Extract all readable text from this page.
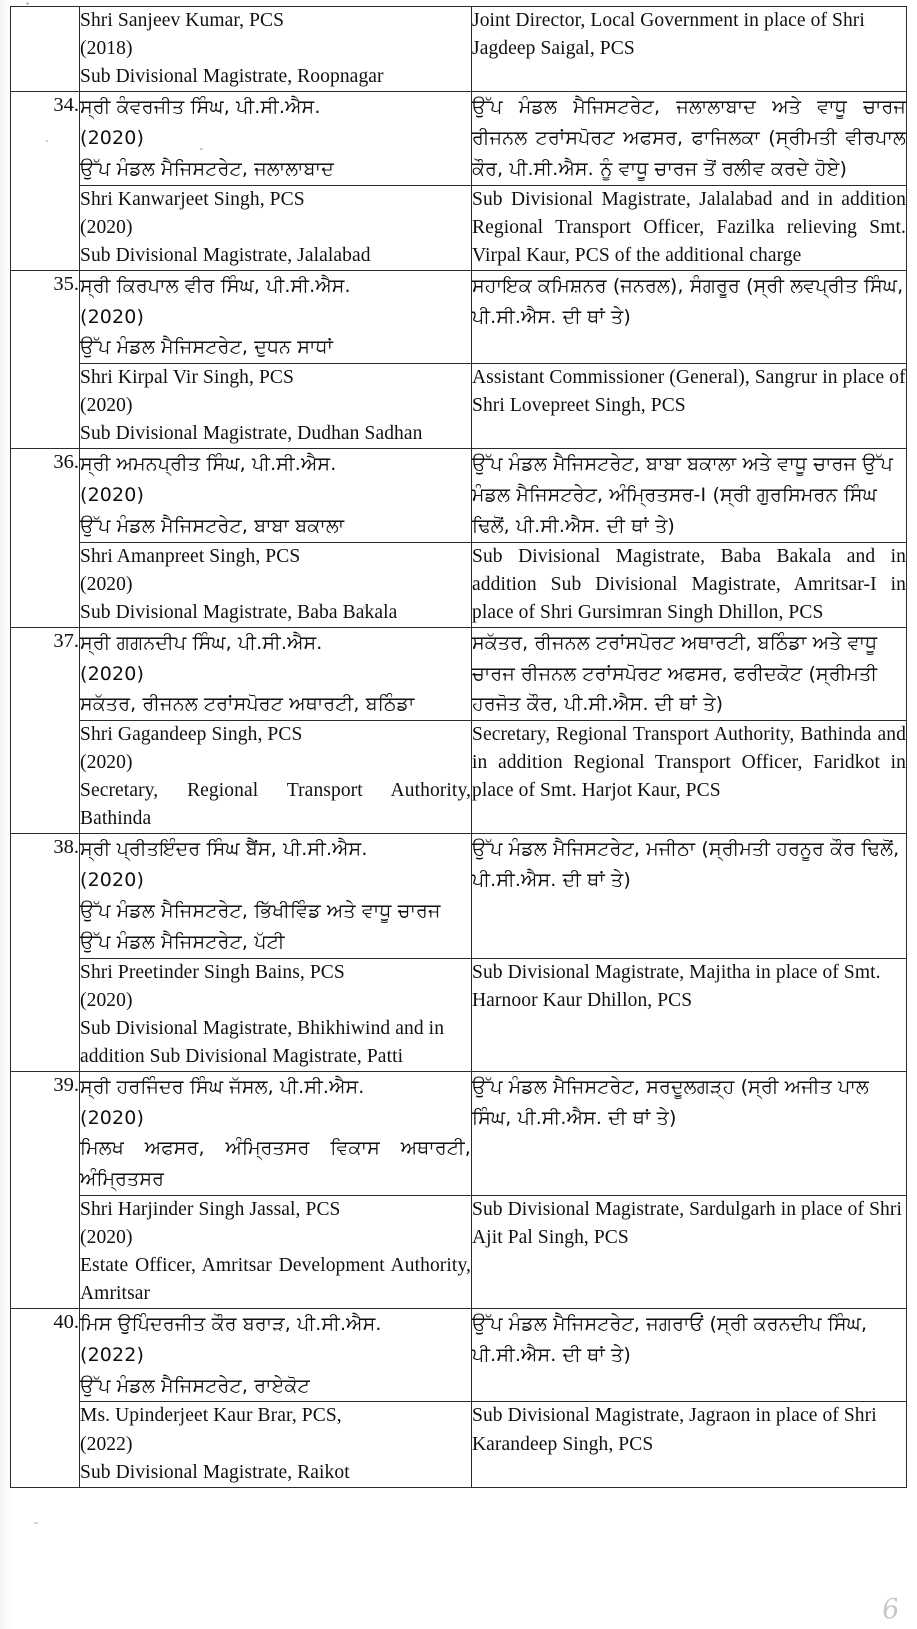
	Shri Sanjeev Kumar, PCS
(2018)
Sub Divisional Magistrate, Roopnagar	Joint Director, Local Government in place of Shri Jagdeep Saigal, PCS

34.	ਸ੍ਰੀ ਕੰਵਰਜੀਤ ਸਿੰਘ, ਪੀ.ਸੀ.ਐਸ.
(2020)
ਉੱਪ ਮੰਡਲ ਮੈਜਿਸਟਰੇਟ, ਜਲਾਲਾਬਾਦ	ਉੱਪ ਮੰਡਲ ਮੈਜਿਸਟਰੇਟ, ਜਲਾਲਾਬਾਦ ਅਤੇ ਵਾਧੂ ਚਾਰਜ ਰੀਜਨਲ ਟਰਾਂਸਪੋਰਟ ਅਫਸਰ, ਫਾਜਿਲਕਾ (ਸ੍ਰੀਮਤੀ ਵੀਰਪਾਲ ਕੌਰ, ਪੀ.ਸੀ.ਐਸ. ਨੂੰ ਵਾਧੂ ਚਾਰਜ ਤੋਂ ਰਲੀਵ ਕਰਦੇ ਹੋਏ)

	Shri Kanwarjeet Singh, PCS
(2020)
Sub Divisional Magistrate, Jalalabad	Sub Divisional Magistrate, Jalalabad and in addition Regional Transport Officer, Fazilka relieving Smt. Virpal Kaur, PCS of the additional charge

35.	ਸ੍ਰੀ ਕਿਰਪਾਲ ਵੀਰ ਸਿੰਘ, ਪੀ.ਸੀ.ਐਸ.
(2020)
ਉੱਪ ਮੰਡਲ ਮੈਜਿਸਟਰੇਟ, ਦੁਧਨ ਸਾਧਾਂ	ਸਹਾਇਕ ਕਮਿਸ਼ਨਰ (ਜਨਰਲ), ਸੰਗਰੂਰ (ਸ੍ਰੀ ਲਵਪ੍ਰੀਤ ਸਿੰਘ, ਪੀ.ਸੀ.ਐਸ. ਦੀ ਥਾਂ ਤੇ)

	Shri Kirpal Vir Singh, PCS
(2020)
Sub Divisional Magistrate, Dudhan Sadhan	Assistant Commissioner (General), Sangrur in place of Shri Lovepreet Singh, PCS

36.	ਸ੍ਰੀ ਅਮਨਪ੍ਰੀਤ ਸਿੰਘ, ਪੀ.ਸੀ.ਐਸ.
(2020)
ਉੱਪ ਮੰਡਲ ਮੈਜਿਸਟਰੇਟ, ਬਾਬਾ ਬਕਾਲਾ	ਉੱਪ ਮੰਡਲ ਮੈਜਿਸਟਰੇਟ, ਬਾਬਾ ਬਕਾਲਾ ਅਤੇ ਵਾਧੂ ਚਾਰਜ ਉੱਪ ਮੰਡਲ ਮੈਜਿਸਟਰੇਟ, ਅੰਮ੍ਰਿਤਸਰ-I (ਸ੍ਰੀ ਗੁਰਸਿਮਰਨ ਸਿੰਘ ਢਿਲੋਂ, ਪੀ.ਸੀ.ਐਸ. ਦੀ ਥਾਂ ਤੇ)

	Shri Amanpreet Singh, PCS
(2020)
Sub Divisional Magistrate, Baba Bakala	Sub Divisional Magistrate, Baba Bakala and in addition Sub Divisional Magistrate, Amritsar-I in place of Shri Gursimran Singh Dhillon, PCS

37.	ਸ੍ਰੀ ਗਗਨਦੀਪ ਸਿੰਘ, ਪੀ.ਸੀ.ਐਸ.
(2020)
ਸਕੱਤਰ, ਰੀਜਨਲ ਟਰਾਂਸਪੋਰਟ ਅਥਾਰਟੀ, ਬਠਿੰਡਾ	ਸਕੱਤਰ, ਰੀਜਨਲ ਟਰਾਂਸਪੋਰਟ ਅਥਾਰਟੀ, ਬਠਿੰਡਾ ਅਤੇ ਵਾਧੂ ਚਾਰਜ ਰੀਜਨਲ ਟਰਾਂਸਪੋਰਟ ਅਫਸਰ, ਫਰੀਦਕੋਟ (ਸ੍ਰੀਮਤੀ ਹਰਜੋਤ ਕੌਰ, ਪੀ.ਸੀ.ਐਸ. ਦੀ ਥਾਂ ਤੇ)

	Shri Gagandeep Singh, PCS
(2020)
Secretary, Regional Transport Authority, Bathinda	Secretary, Regional Transport Authority, Bathinda and in addition Regional Transport Officer, Faridkot in place of Smt. Harjot Kaur, PCS

38.	ਸ੍ਰੀ ਪ੍ਰੀਤਇੰਦਰ ਸਿੰਘ ਬੈਂਸ, ਪੀ.ਸੀ.ਐਸ.
(2020)
ਉੱਪ ਮੰਡਲ ਮੈਜਿਸਟਰੇਟ, ਭਿੱਖੀਵਿੰਡ ਅਤੇ ਵਾਧੂ ਚਾਰਜ ਉੱਪ ਮੰਡਲ ਮੈਜਿਸਟਰੇਟ, ਪੱਟੀ	ਉੱਪ ਮੰਡਲ ਮੈਜਿਸਟਰੇਟ, ਮਜੀਠਾ (ਸ੍ਰੀਮਤੀ ਹਰਨੂਰ ਕੌਰ ਢਿਲੋਂ, ਪੀ.ਸੀ.ਐਸ. ਦੀ ਥਾਂ ਤੇ)

	Shri Preetinder Singh Bains, PCS
(2020)
Sub Divisional Magistrate, Bhikhiwind and in addition Sub Divisional Magistrate, Patti	Sub Divisional Magistrate, Majitha in place of Smt. Harnoor Kaur Dhillon, PCS

39.	ਸ੍ਰੀ ਹਰਜਿੰਦਰ ਸਿੰਘ ਜੱਸਲ, ਪੀ.ਸੀ.ਐਸ.
(2020)
ਮਿਲਖ ਅਫਸਰ, ਅੰਮ੍ਰਿਤਸਰ ਵਿਕਾਸ ਅਥਾਰਟੀ, ਅੰਮ੍ਰਿਤਸਰ	ਉੱਪ ਮੰਡਲ ਮੈਜਿਸਟਰੇਟ, ਸਰਦੂਲਗੜ੍ਹ (ਸ੍ਰੀ ਅਜੀਤ ਪਾਲ ਸਿੰਘ, ਪੀ.ਸੀ.ਐਸ. ਦੀ ਥਾਂ ਤੇ)

	Shri Harjinder Singh Jassal, PCS
(2020)
Estate Officer, Amritsar Development Authority, Amritsar	Sub Divisional Magistrate, Sardulgarh in place of Shri Ajit Pal Singh, PCS

40.	ਮਿਸ ਉਪਿੰਦਰਜੀਤ ਕੌਰ ਬਰਾੜ, ਪੀ.ਸੀ.ਐਸ.
(2022)
ਉੱਪ ਮੰਡਲ ਮੈਜਿਸਟਰੇਟ, ਰਾਏਕੋਟ	ਉੱਪ ਮੰਡਲ ਮੈਜਿਸਟਰੇਟ, ਜਗਰਾਓਂ (ਸ੍ਰੀ ਕਰਨਦੀਪ ਸਿੰਘ, ਪੀ.ਸੀ.ਐਸ. ਦੀ ਥਾਂ ਤੇ)

	Ms. Upinderjeet Kaur Brar, PCS,
(2022)
Sub Divisional Magistrate, Raikot	Sub Divisional Magistrate, Jagraon in place of Shri Karandeep Singh, PCS
6
